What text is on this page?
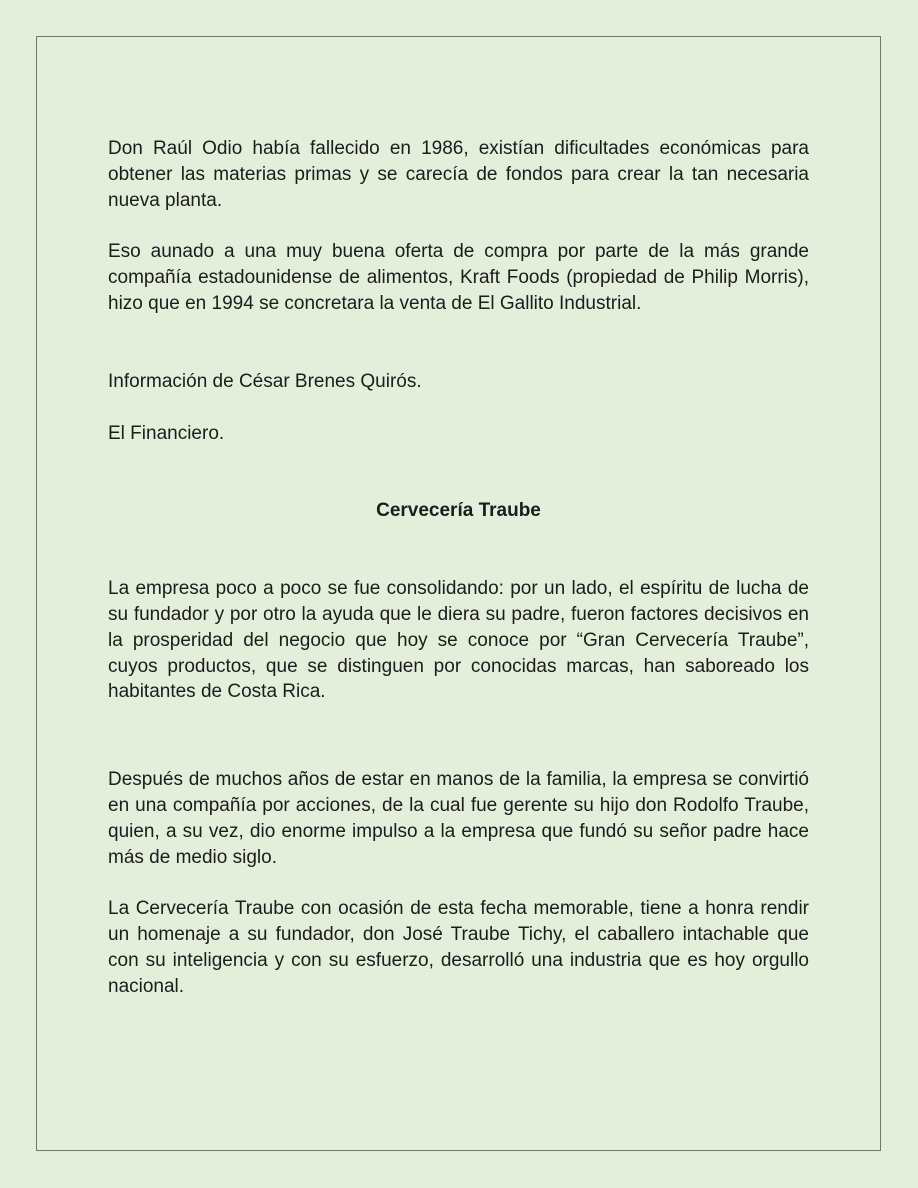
Don Raúl Odio había fallecido en 1986, existían dificultades económicas para obtener las materias primas y se carecía de fondos para crear la tan necesaria nueva planta.

Eso aunado a una muy buena oferta de compra por parte de la más grande compañía estadounidense de alimentos, Kraft Foods (propiedad de Philip Morris), hizo que en 1994 se concretara la venta de El Gallito Industrial.

Información de César Brenes Quirós.

El Financiero.

Cervecería Traube

La empresa poco a poco se fue consolidando: por un lado, el espíritu de lucha de su fundador y por otro la ayuda que le diera su padre, fueron factores decisivos en la prosperidad del negocio que hoy se conoce por “Gran Cervecería Traube”, cuyos productos, que se distinguen por conocidas marcas, han saboreado los habitantes de Costa Rica.

Después de muchos años de estar en manos de la familia, la empresa se convirtió en una compañía por acciones, de la cual fue gerente su hijo don Rodolfo Traube, quien, a su vez, dio enorme impulso a la empresa que fundó su señor padre hace más de medio siglo.

La Cervecería Traube con ocasión de esta fecha memorable, tiene a honra rendir un homenaje a su fundador, don José Traube Tichy, el caballero intachable que con su inteligencia y con su esfuerzo, desarrolló una industria que es hoy orgullo nacional.
